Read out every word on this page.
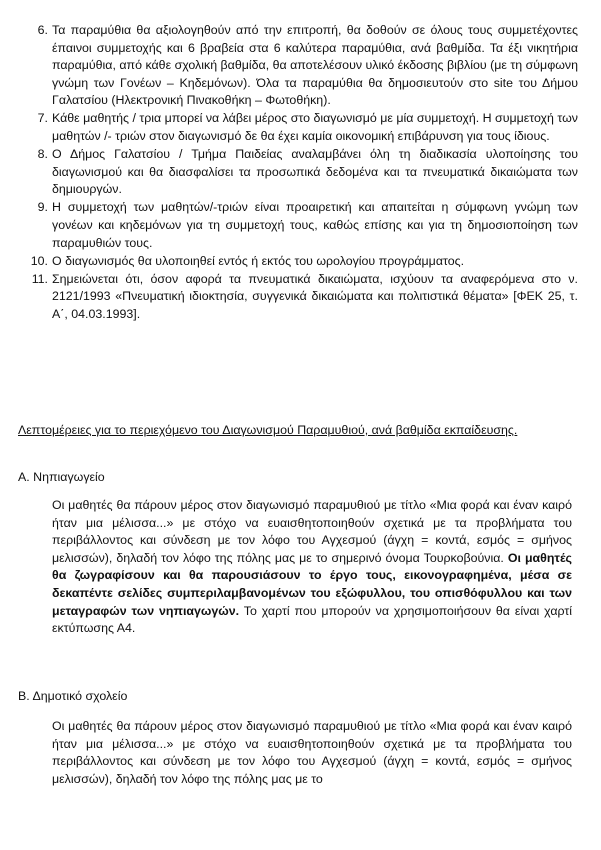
6. Τα παραμύθια θα αξιολογηθούν από την επιτροπή, θα δοθούν σε όλους τους συμμετέχοντες έπαινοι συμμετοχής και 6 βραβεία στα 6 καλύτερα παραμύθια, ανά βαθμίδα. Τα έξι νικητήρια παραμύθια, από κάθε σχολική βαθμίδα, θα αποτελέσουν υλικό έκδοσης βιβλίου (με τη σύμφωνη γνώμη των Γονέων – Κηδεμόνων). Όλα τα παραμύθια θα δημοσιευτούν στο site του Δήμου Γαλατσίου (Ηλεκτρονική Πινακοθήκη – Φωτοθήκη).
7. Κάθε μαθητής / τρια μπορεί να λάβει μέρος στο διαγωνισμό με μία συμμετοχή. Η συμμετοχή των μαθητών /- τριών στον διαγωνισμό δε θα έχει καμία οικονομική επιβάρυνση για τους ίδιους.
8. Ο Δήμος Γαλατσίου / Τμήμα Παιδείας αναλαμβάνει όλη τη διαδικασία υλοποίησης του διαγωνισμού και θα διασφαλίσει τα προσωπικά δεδομένα και τα πνευματικά δικαιώματα των δημιουργών.
9. Η συμμετοχή των μαθητών/-τριών είναι προαιρετική και απαιτείται η σύμφωνη γνώμη των γονέων και κηδεμόνων για τη συμμετοχή τους, καθώς επίσης και για τη δημοσιοποίηση των παραμυθιών τους.
10. Ο διαγωνισμός θα υλοποιηθεί εντός ή εκτός του ωρολογίου προγράμματος.
11. Σημειώνεται ότι, όσον αφορά τα πνευματικά δικαιώματα, ισχύουν τα αναφερόμενα στο ν. 2121/1993 «Πνευματική ιδιοκτησία, συγγενικά δικαιώματα και πολιτιστικά θέματα» [ΦΕΚ 25, τ. Α΄, 04.03.1993].
Λεπτομέρειες για το περιεχόμενο του Διαγωνισμού Παραμυθιού, ανά βαθμίδα εκπαίδευσης.
Α. Νηπιαγωγείο
Οι μαθητές θα πάρουν μέρος στον διαγωνισμό παραμυθιού με τίτλο «Μια φορά και έναν καιρό ήταν μια μέλισσα...» με στόχο να ευαισθητοποιηθούν σχετικά με τα προβλήματα του περιβάλλοντος και σύνδεση με τον λόφο του Αγχεσμού (άγχη = κοντά, εσμός = σμήνος μελισσών), δηλαδή τον λόφο της πόλης μας με το σημερινό όνομα Τουρκοβούνια. Οι μαθητές θα ζωγραφίσουν και θα παρουσιάσουν το έργο τους, εικονογραφημένα, μέσα σε δεκαπέντε σελίδες συμπεριλαμβανομένων του εξώφυλλου, του οπισθόφυλλου και των μεταγραφών των νηπιαγωγών. Το χαρτί που μπορούν να χρησιμοποιήσουν θα είναι χαρτί εκτύπωσης Α4.
Β. Δημοτικό σχολείο
Οι μαθητές θα πάρουν μέρος στον διαγωνισμό παραμυθιού με τίτλο «Μια φορά και έναν καιρό ήταν μια μέλισσα...» με στόχο να ευαισθητοποιηθούν σχετικά με τα προβλήματα του περιβάλλοντος και σύνδεση με τον λόφο του Αγχεσμού (άγχη = κοντά, εσμός = σμήνος μελισσών), δηλαδή τον λόφο της πόλης μας με το
